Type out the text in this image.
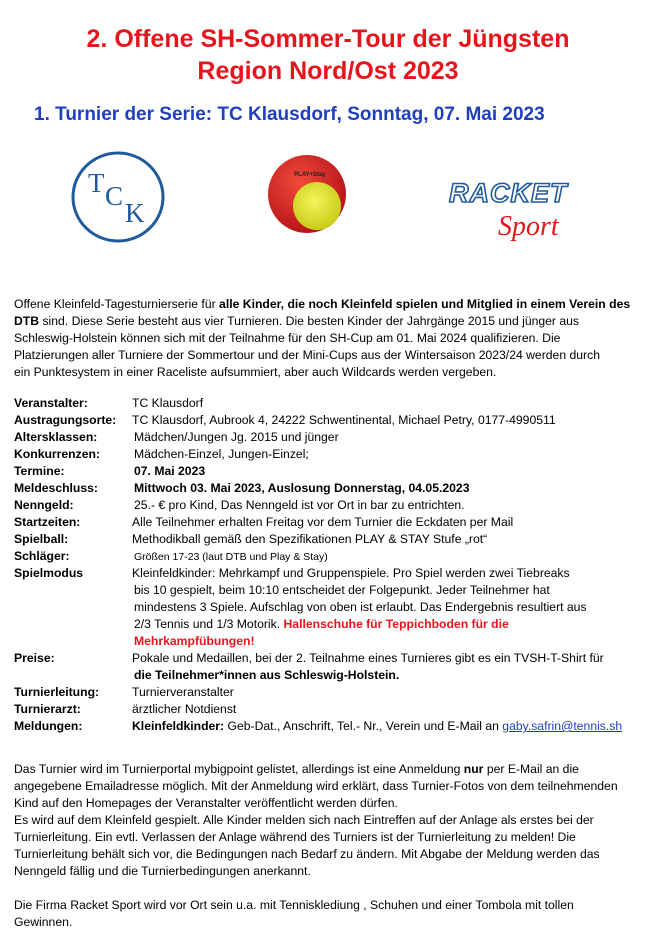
2. Offene SH-Sommer-Tour der Jüngsten
Region Nord/Ost 2023
1. Turnier der Serie: TC Klausdorf, Sonntag, 07. Mai 2023
T C
K
PLAY+Stay
RACKET
Sport
Offene Kleinfeld-Tagesturnierserie für alle Kinder, die noch Kleinfeld spielen und Mitglied in einem Verein des
DTB sind. Diese Serie besteht aus vier Turnieren. Die besten Kinder der Jahrgänge 2015 und jünger aus
Schleswig-Holstein können sich mit der Teilnahme für den SH-Cup am 01. Mai 2024 qualifizieren. Die
Platzierungen aller Turniere der Sommertour und der Mini-Cups aus der Wintersaison 2023/24 werden durch
ein Punktesystem in einer Raceliste aufsummiert, aber auch Wildcards werden vergeben.
Veranstalter:	TC Klausdorf
Austragungsorte: TC Klausdorf, Aubrook 4, 24222 Schwentinental, Michael Petry, 0177-4990511
Altersklassen:	Mädchen/Jungen Jg. 2015 und jünger
Konkurrenzen:	Mädchen-Einzel, Jungen-Einzel;
Termine:	07. Mai 2023
Meldeschluss:	Mittwoch 03. Mai 2023, Auslosung Donnerstag, 04.05.2023
Nenngeld:	25.- € pro Kind, Das Nenngeld ist vor Ort in bar zu entrichten.
Startzeiten:	Alle Teilnehmer erhalten Freitag vor dem Turnier die Eckdaten per Mail
Spielball:	Methodikball gemäß den Spezifikationen PLAY & STAY Stufe „rot“
Schläger:	Größen 17-23 (laut DTB und Play & Stay)
Spielmodus	Kleinfeldkinder: Mehrkampf und Gruppenspiele. Pro Spiel werden zwei Tiebreaks
bis 10 gespielt, beim 10:10 entscheidet der Folgepunkt. Jeder Teilnehmer hat
mindestens 3 Spiele. Aufschlag von oben ist erlaubt. Das Endergebnis resultiert aus
2/3 Tennis und 1/3 Motorik. Hallenschuhe für Teppichboden für die
Mehrkampfübungen!
Preise:	Pokale und Medaillen, bei der 2. Teilnahme eines Turnieres gibt es ein TVSH-T-Shirt für
die Teilnehmer*innen aus Schleswig-Holstein.
Turnierleitung:	Turnierveranstalter
Turnierarzt:	ärztlicher Notdienst
Meldungen:	Kleinfeldkinder: Geb-Dat., Anschrift, Tel.- Nr., Verein und E-Mail an gaby.safrin@tennis.sh
Das Turnier wird im Turnierportal mybigpoint gelistet, allerdings ist eine Anmeldung nur per E-Mail an die
angegebene Emailadresse möglich. Mit der Anmeldung wird erklärt, dass Turnier-Fotos von dem teilnehmenden
Kind auf den Homepages der Veranstalter veröffentlicht werden dürfen.
Es wird auf dem Kleinfeld gespielt. Alle Kinder melden sich nach Eintreffen auf der Anlage als erstes bei der
Turnierleitung. Ein evtl. Verlassen der Anlage während des Turniers ist der Turnierleitung zu melden! Die
Turnierleitung behält sich vor, die Bedingungen nach Bedarf zu ändern. Mit Abgabe der Meldung werden das
Nenngeld fällig und die Turnierbedingungen anerkannt.
Die Firma Racket Sport wird vor Ort sein u.a. mit Tennisklediung , Schuhen und einer Tombola mit tollen
Gewinnen.
